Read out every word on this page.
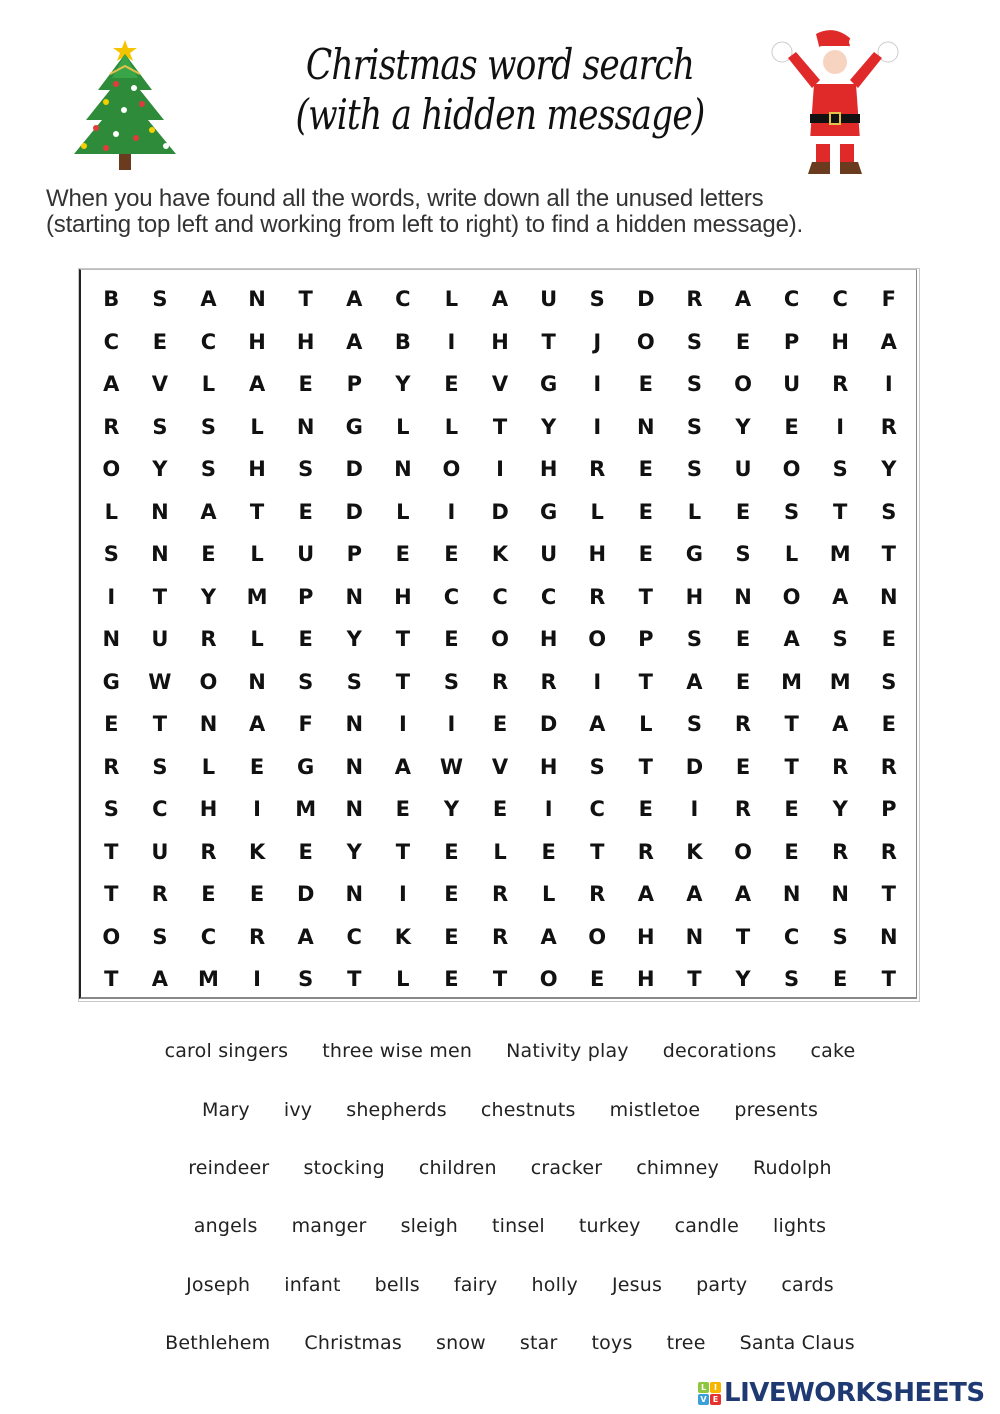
Christmas word search
(with a hidden message)
When you have found all the words, write down all the unused letters
(starting top left and working from left to right) to find a hidden message).
B	S	A	N	T	A	C	L	A	U	S	D	R	A	C	C	F
C	E	C	H	H	A	B	I	H	T	J	O	S	E	P	H	A
A	V	L	A	E	P	Y	E	V	G	I	E	S	O	U	R	I
R	S	S	L	N	G	L	L	T	Y	I	N	S	Y	E	I	R
O	Y	S	H	S	D	N	O	I	H	R	E	S	U	O	S	Y
L	N	A	T	E	D	L	I	D	G	L	E	L	E	S	T	S
S	N	E	L	U	P	E	E	K	U	H	E	G	S	L	M	T
I	T	Y	M	P	N	H	C	C	C	R	T	H	N	O	A	N
N	U	R	L	E	Y	T	E	O	H	O	P	S	E	A	S	E
G	W	O	N	S	S	T	S	R	R	I	T	A	E	M	M	S
E	T	N	A	F	N	I	I	E	D	A	L	S	R	T	A	E
R	S	L	E	G	N	A	W	V	H	S	T	D	E	T	R	R
S	C	H	I	M	N	E	Y	E	I	C	E	I	R	E	Y	P
T	U	R	K	E	Y	T	E	L	E	T	R	K	O	E	R	R
T	R	E	E	D	N	I	E	R	L	R	A	A	A	N	N	T
O	S	C	R	A	C	K	E	R	A	O	H	N	T	C	S	N
T	A	M	I	S	T	L	E	T	O	E	H	T	Y	S	E	T
carol singers three wise men Nativity play decorations cake
Mary ivy shepherds chestnuts mistletoe presents
reindeer stocking children cracker chimney Rudolph
angels manger sleigh tinsel turkey candle lights
Joseph infant bells fairy holly Jesus party cards
Bethlehem Christmas snow star toys tree Santa Claus
L I
V E LIVEWORKSHEETS
